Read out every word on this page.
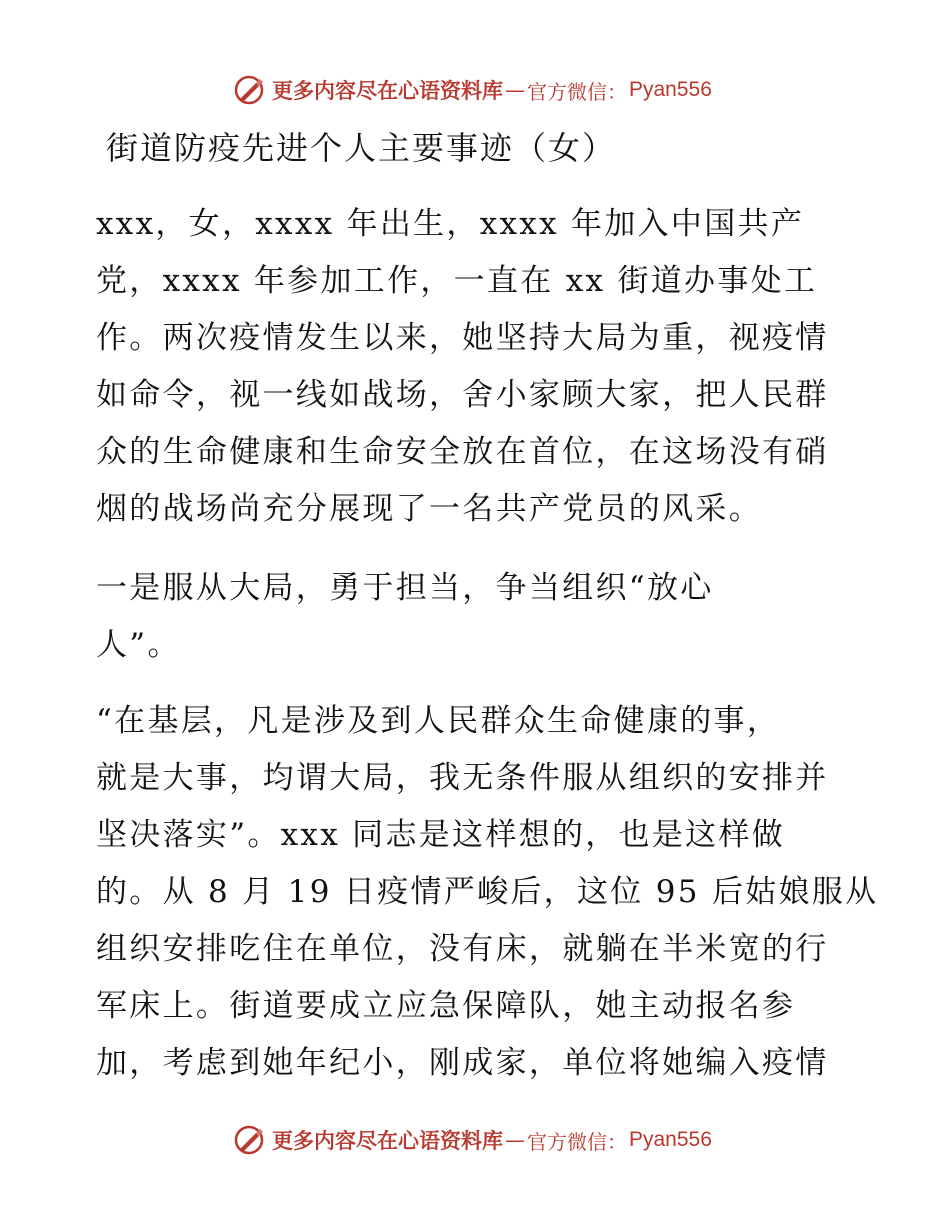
更多内容尽在心语资料库 — 官方微信： Pyan556
街道防疫先进个人主要事迹（女）
xxx，女，xxxx 年出生，xxxx 年加入中国共产
党，xxxx 年参加工作，一直在 xx 街道办事处工
作。两次疫情发生以来，她坚持大局为重，视疫情
如命令，视一线如战场，舍小家顾大家，把人民群
众的生命健康和生命安全放在首位，在这场没有硝
烟的战场尚充分展现了一名共产党员的风采。
一是服从大局，勇于担当，争当组织“放心
人”。
“在基层，凡是涉及到人民群众生命健康的事，
就是大事，均谓大局，我无条件服从组织的安排并
坚决落实”。xxx 同志是这样想的，也是这样做
的。从 8 月 19 日疫情严峻后，这位 95 后姑娘服从
组织安排吃住在单位，没有床，就躺在半米宽的行
军床上。街道要成立应急保障队，她主动报名参
加，考虑到她年纪小，刚成家，单位将她编入疫情
更多内容尽在心语资料库 — 官方微信： Pyan556
